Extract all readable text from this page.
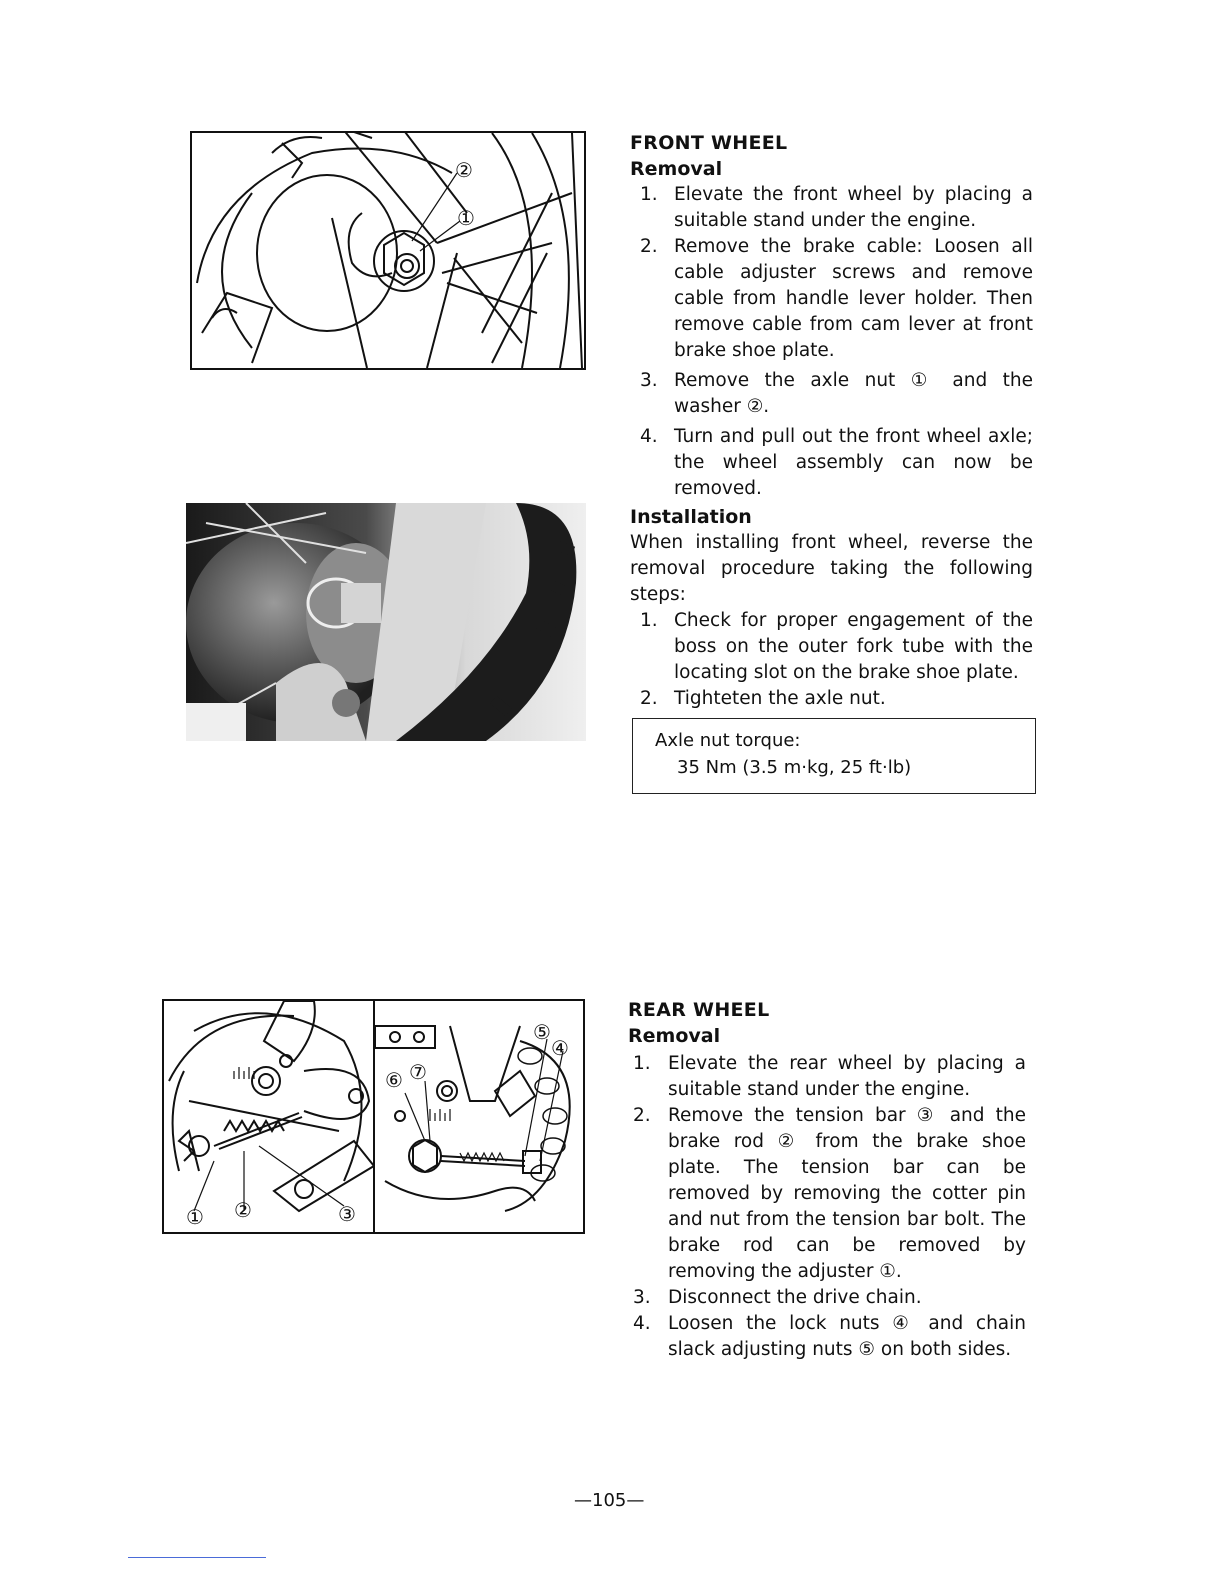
②
①
① ②	③
⑤
④
⑥ ⑦
FRONT WHEEL
Removal
1. Elevate the front wheel by placing a suitable stand under the engine.
2. Remove the brake cable: Loosen all cable adjuster screws and remove cable from handle lever holder. Then remove cable from cam lever at front brake shoe plate.
3. Remove the axle nut ① and the washer ②.
4. Turn and pull out the front wheel axle; the wheel assembly can now be removed.
Installation
When installing front wheel, reverse the removal procedure taking the following steps:
1. Check for proper engagement of the boss on the outer fork tube with the locating slot on the brake shoe plate.
2. Tighteten the axle nut.
Axle nut torque:
35 Nm (3.5 m·kg, 25 ft·lb)
REAR WHEEL
Removal
1. Elevate the rear wheel by placing a suitable stand under the engine.
2. Remove the tension bar ③ and the brake rod ② from the brake shoe plate. The tension bar can be removed by removing the cotter pin and nut from the tension bar bolt. The brake rod can be removed by removing the adjuster ①.
3. Disconnect the drive chain.
4. Loosen the lock nuts ④ and chain slack adjusting nuts ⑤ on both sides.
—105—
